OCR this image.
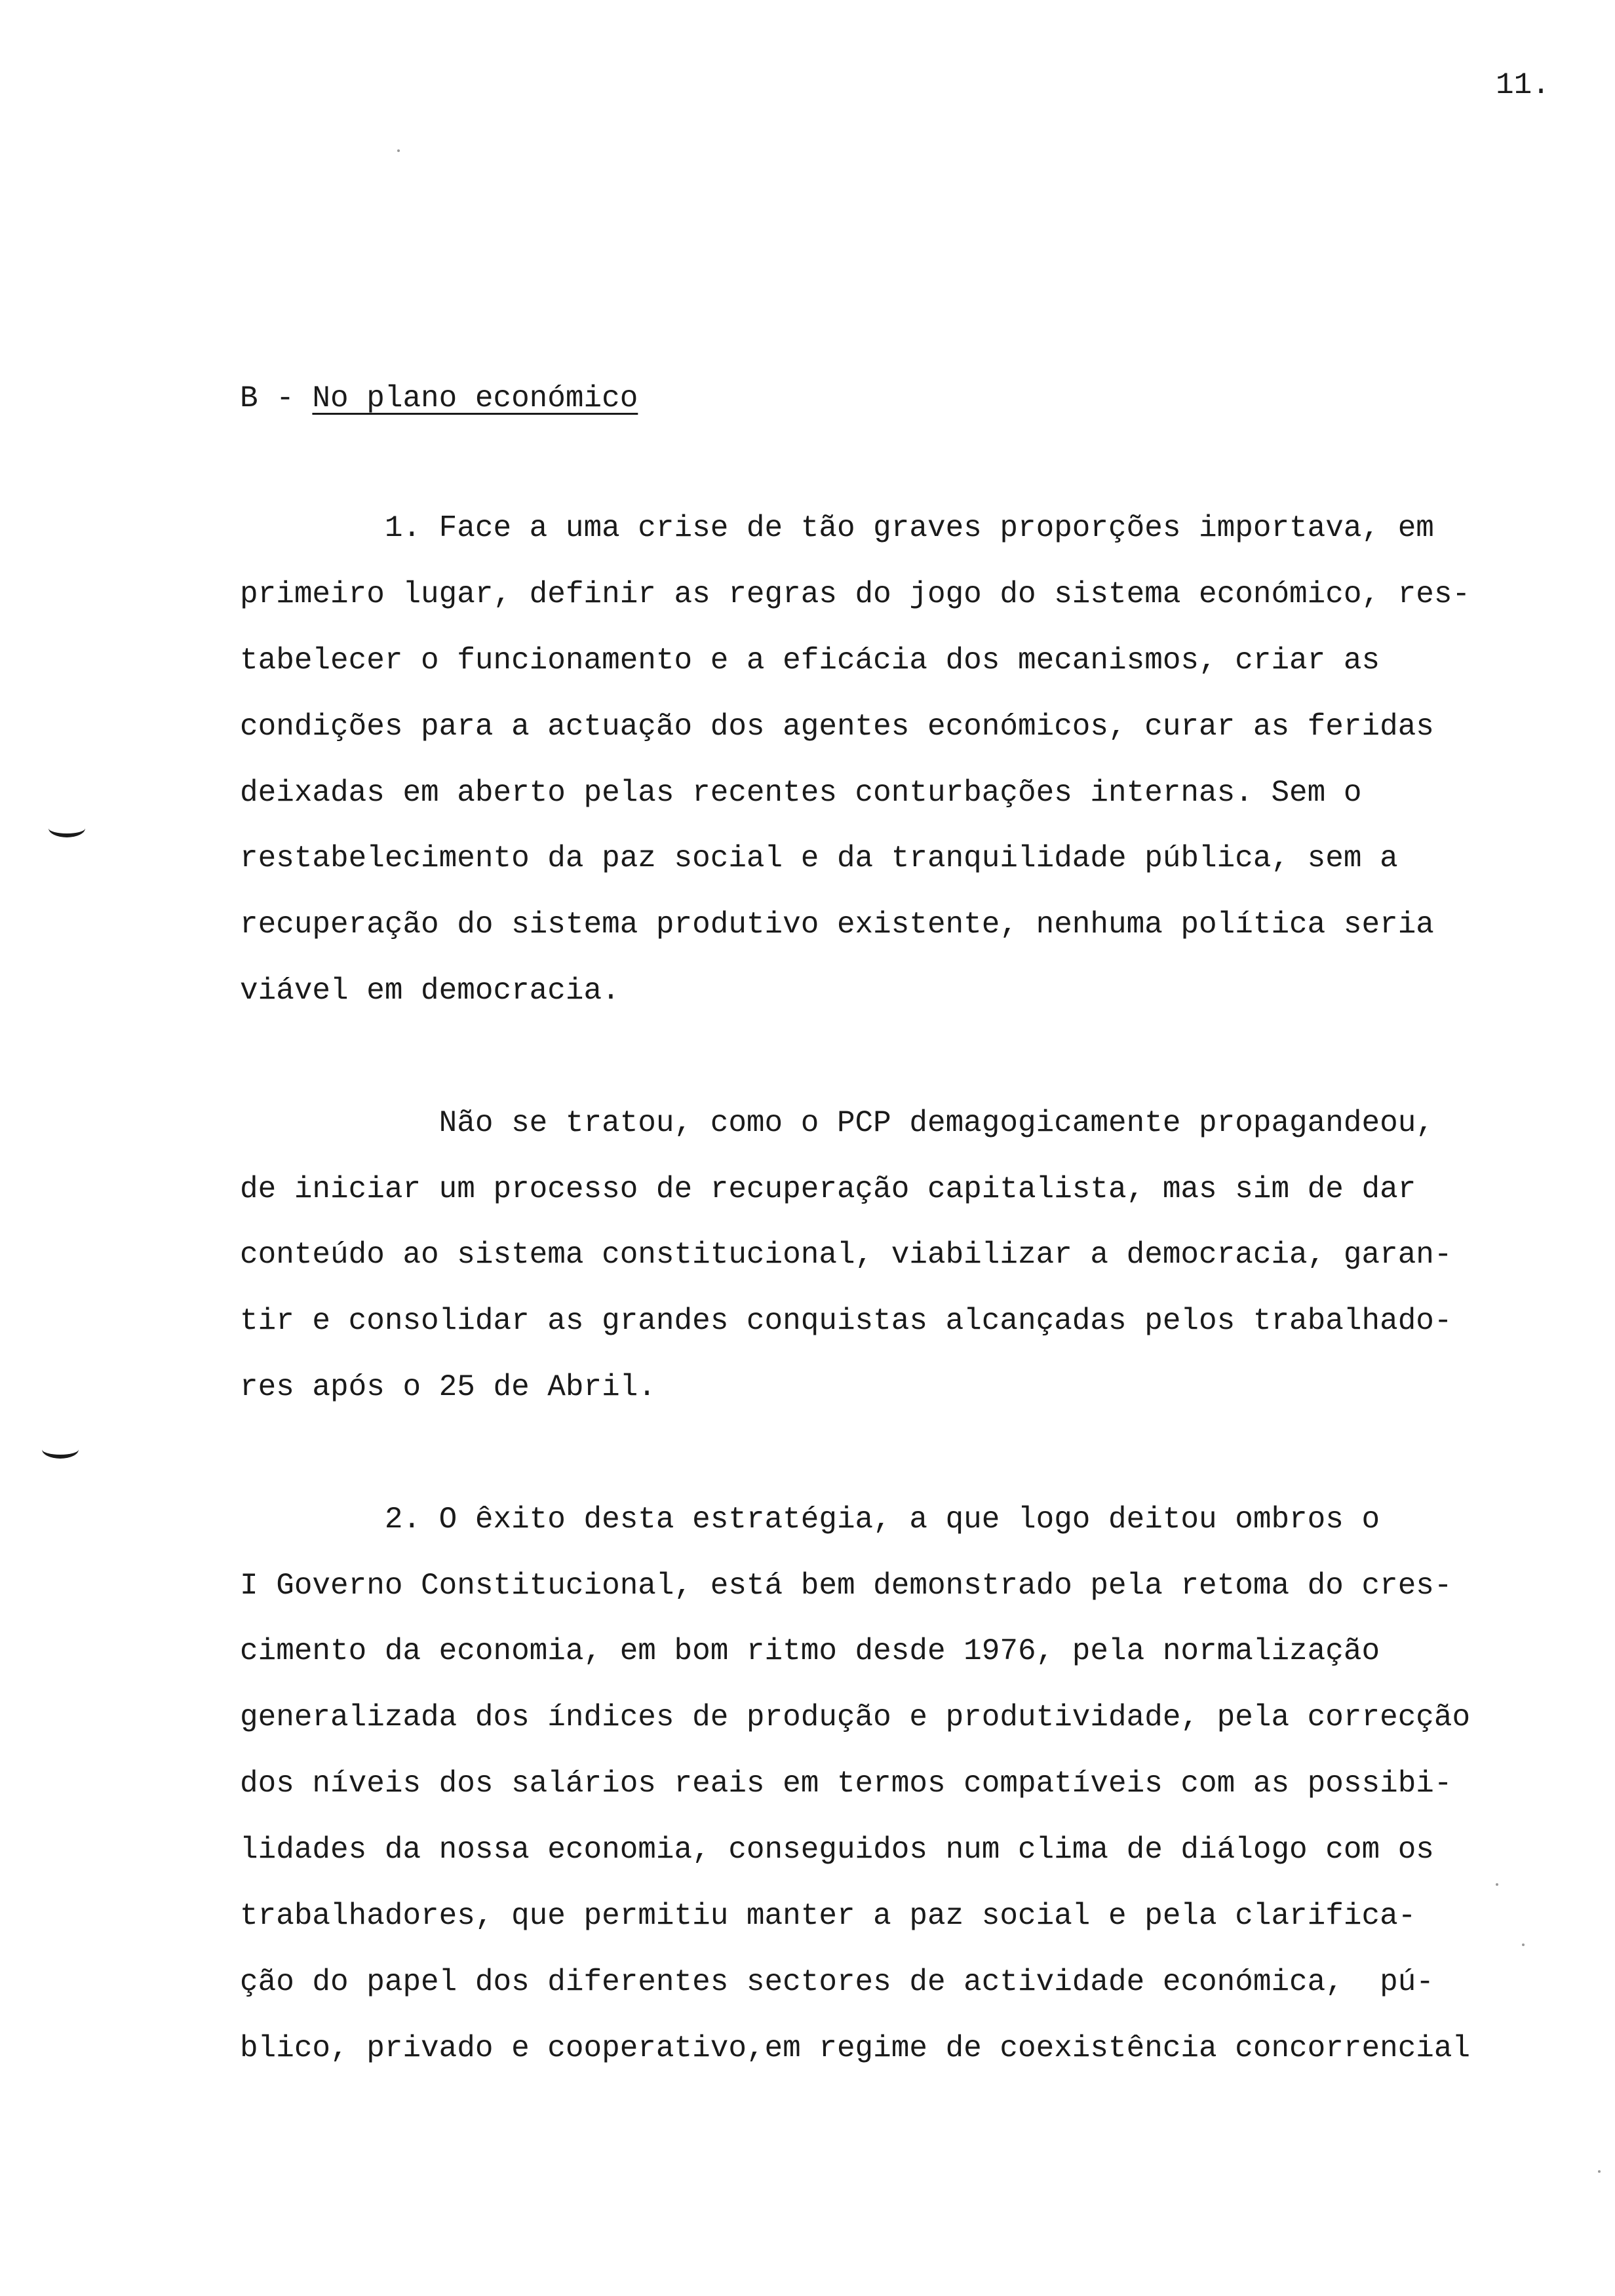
11.
B - No plano económico
1. Face a uma crise de tão graves proporções importava, em
primeiro lugar, definir as regras do jogo do sistema económico, res-
tabelecer o funcionamento e a eficácia dos mecanismos, criar as
condições para a actuação dos agentes económicos, curar as feridas
deixadas em aberto pelas recentes conturbações internas. Sem o
restabelecimento da paz social e da tranquilidade pública, sem a
recuperação do sistema produtivo existente, nenhuma política seria
viável em democracia.
Não se tratou, como o PCP demagogicamente propagandeou,
de iniciar um processo de recuperação capitalista, mas sim de dar
conteúdo ao sistema constitucional, viabilizar a democracia, garan-
tir e consolidar as grandes conquistas alcançadas pelos trabalhado-
res após o 25 de Abril.
2. O êxito desta estratégia, a que logo deitou ombros o
I Governo Constitucional, está bem demonstrado pela retoma do cres-
cimento da economia, em bom ritmo desde 1976, pela normalização
generalizada dos índices de produção e produtividade, pela correcção
dos níveis dos salários reais em termos compatíveis com as possibi-
lidades da nossa economia, conseguidos num clima de diálogo com os
trabalhadores, que permitiu manter a paz social e pela clarifica-
ção do papel dos diferentes sectores de actividade económica,  pú-
blico, privado e cooperativo,em regime de coexistência concorrencial
